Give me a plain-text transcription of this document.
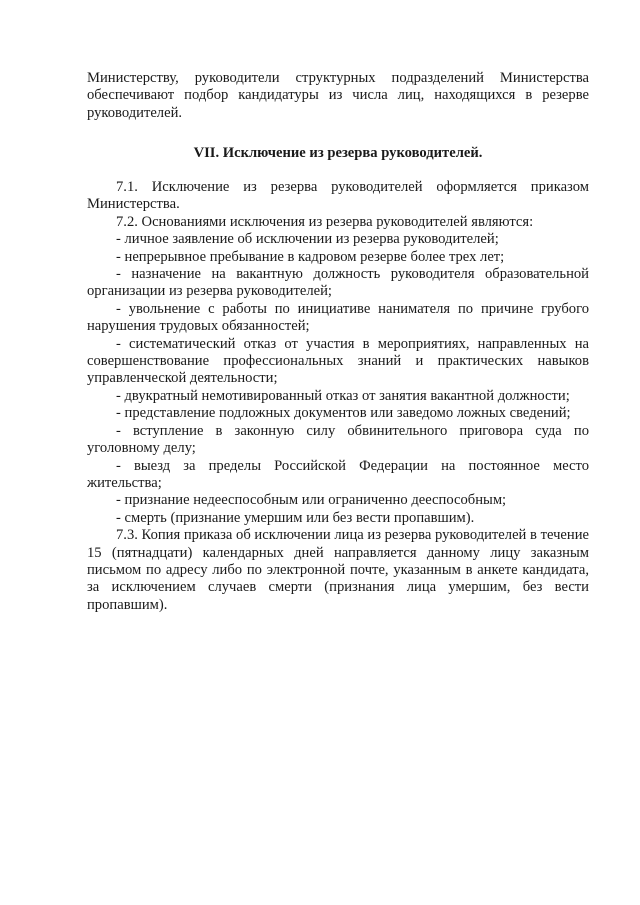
Министерству, руководители структурных подразделений Министерства обеспечивают подбор кандидатуры из числа лиц, находящихся в резерве руководителей.

VII. Исключение из резерва руководителей.

7.1. Исключение из резерва руководителей оформляется приказом Министерства.

7.2. Основаниями исключения из резерва руководителей являются:

- личное заявление об исключении из резерва руководителей;

- непрерывное пребывание в кадровом резерве более трех лет;

- назначение на вакантную должность руководителя образовательной организации из резерва руководителей;

- увольнение с работы по инициативе нанимателя по причине грубого нарушения трудовых обязанностей;

- систематический отказ от участия в мероприятиях, направленных на совершенствование профессиональных знаний и практических навыков управленческой деятельности;

- двукратный немотивированный отказ от занятия вакантной должности;

- представление подложных документов или заведомо ложных сведений;

- вступление в законную силу обвинительного приговора суда по уголовному делу;

- выезд за пределы Российской Федерации на постоянное место жительства;

- признание недееспособным или ограниченно дееспособным;

- смерть (признание умершим или без вести пропавшим).

7.3. Копия приказа об исключении лица из резерва руководителей в течение 15 (пятнадцати) календарных дней направляется данному лицу заказным письмом по адресу либо по электронной почте, указанным в анкете кандидата, за исключением случаев смерти (признания лица умершим, без вести пропавшим).
